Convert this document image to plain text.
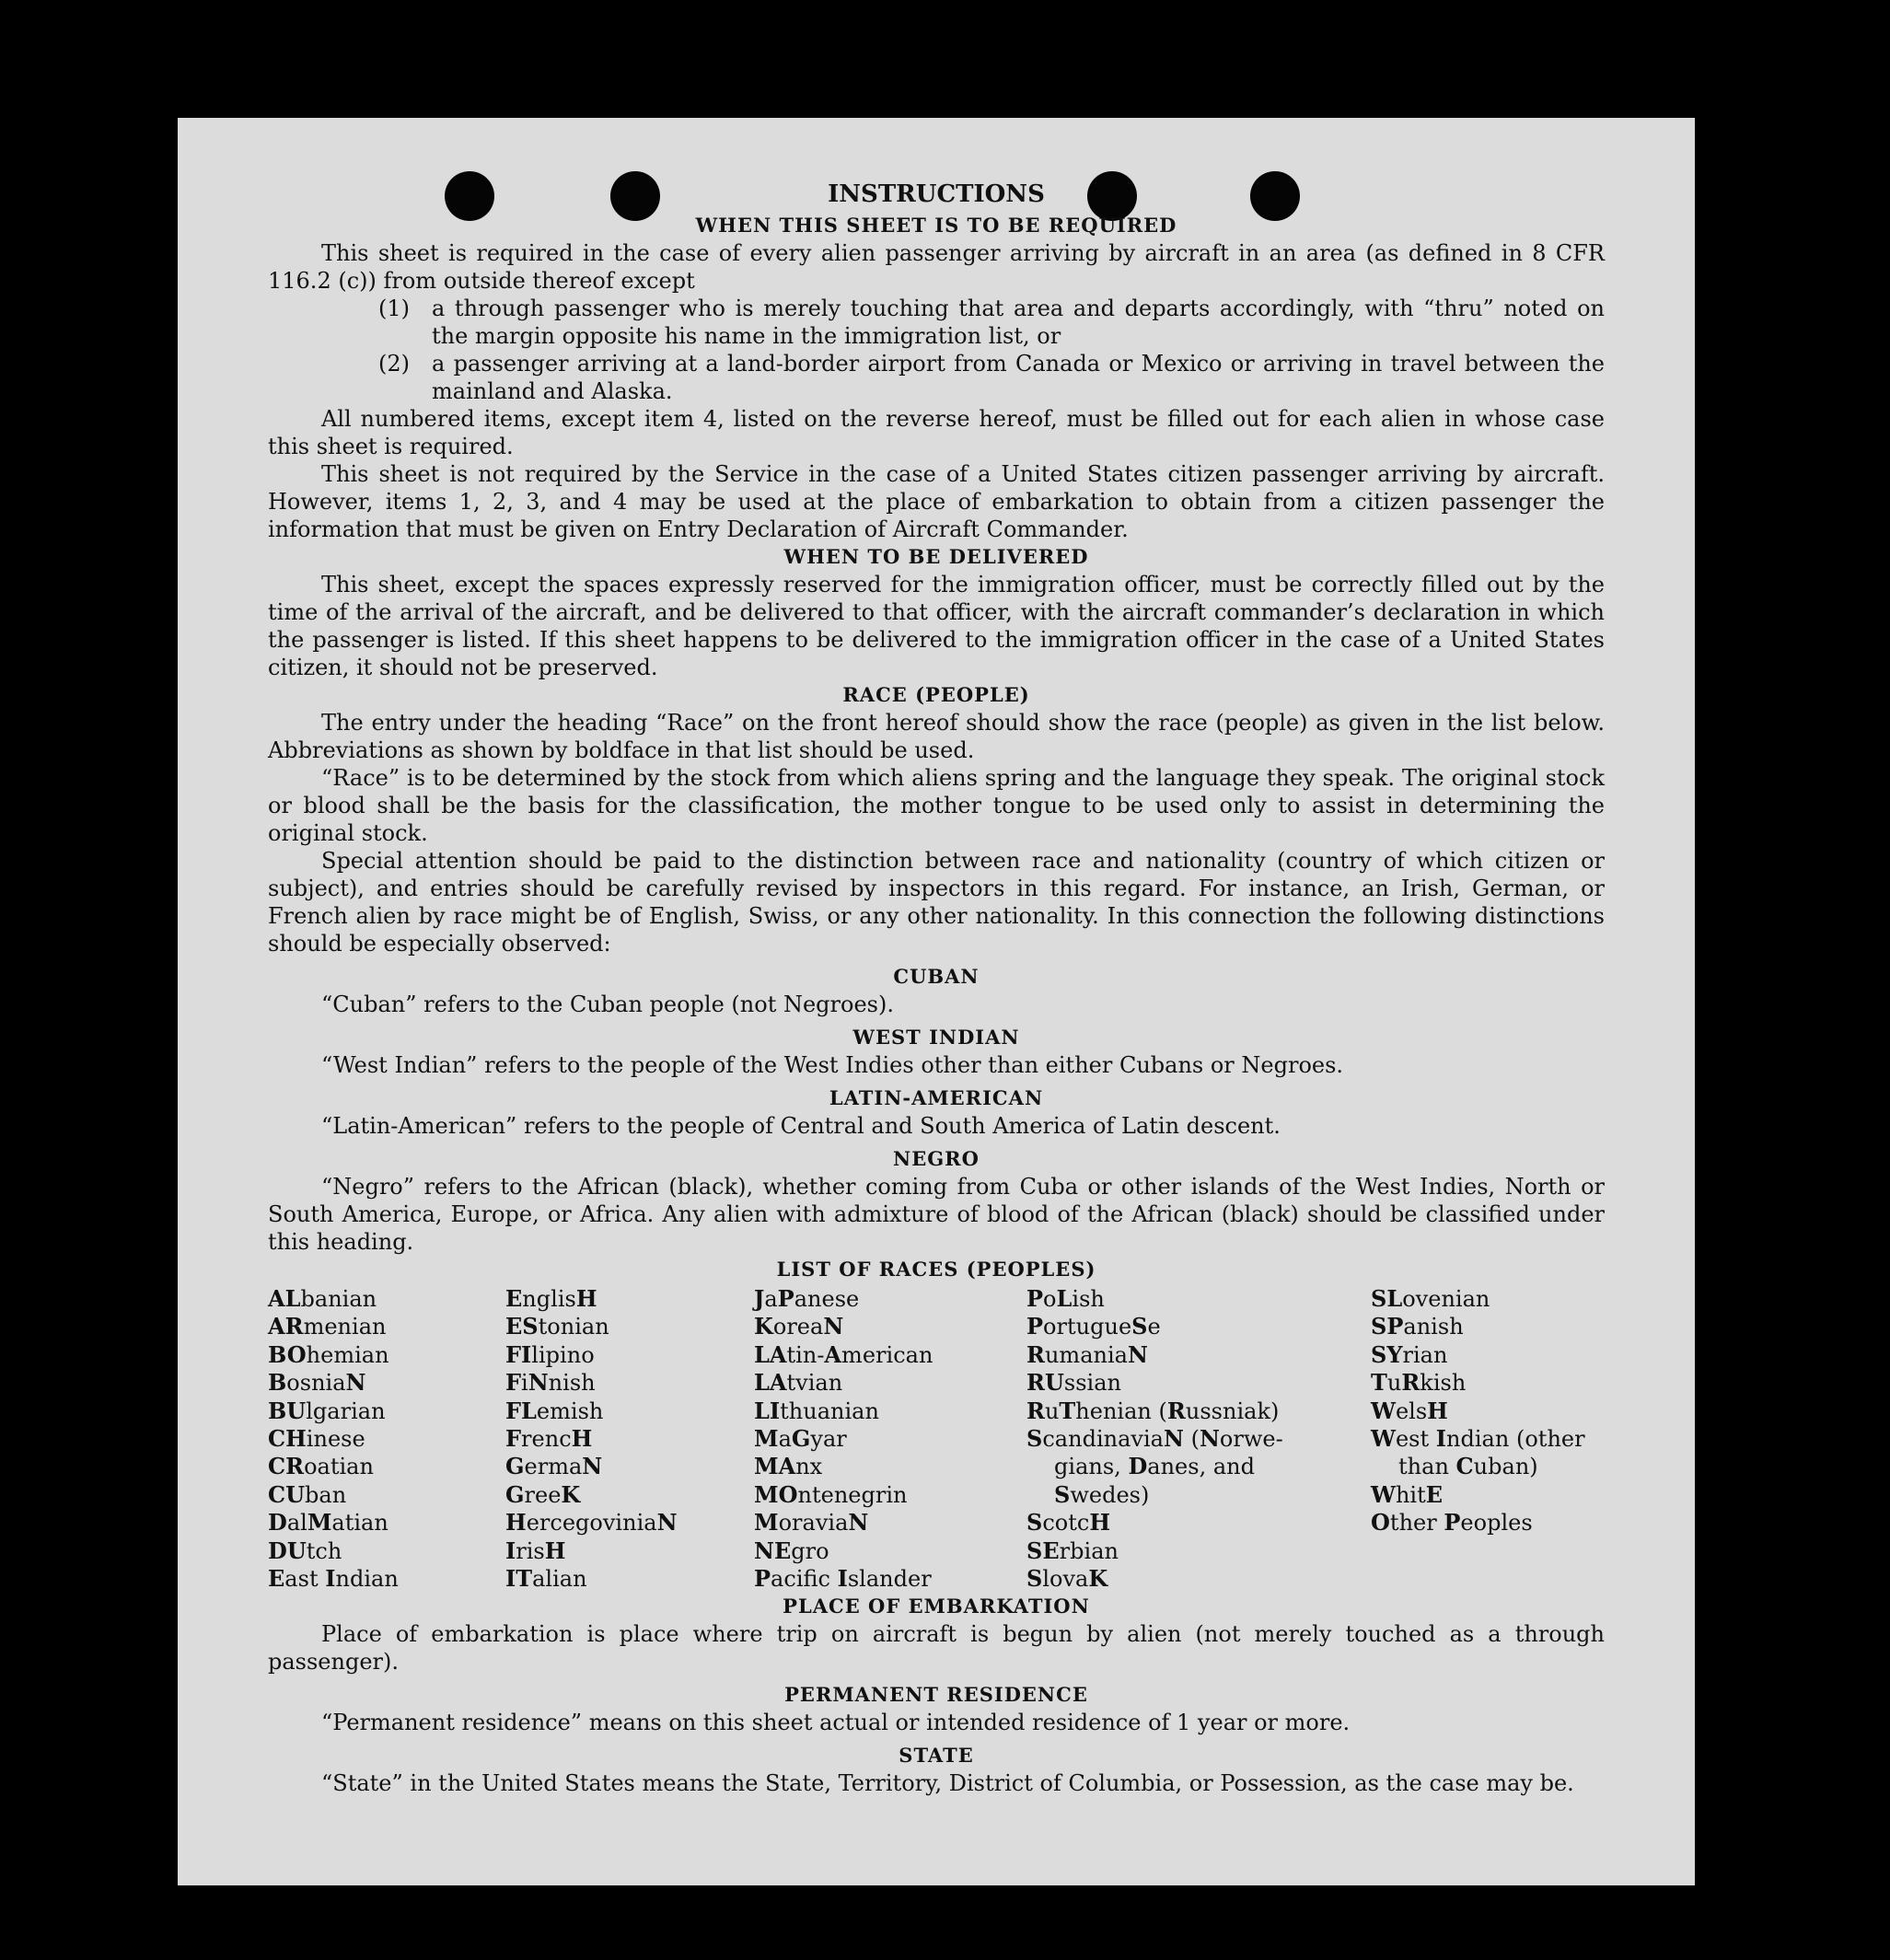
INSTRUCTIONS
WHEN THIS SHEET IS TO BE REQUIRED

This sheet is required in the case of every alien passenger arriving by aircraft in an area (as defined in 8 CFR 116.2 (c)) from outside thereof except

(1)	a through passenger who is merely touching that area and departs accordingly, with “thru” noted on the margin opposite his name in the immigration list, or
(2)	a passenger arriving at a land-border airport from Canada or Mexico or arriving in travel between the mainland and Alaska.

All numbered items, except item 4, listed on the reverse hereof, must be filled out for each alien in whose case this sheet is required.

This sheet is not required by the Service in the case of a United States citizen passenger arriving by aircraft. However, items 1, 2, 3, and 4 may be used at the place of embarkation to obtain from a citizen passenger the information that must be given on Entry Declaration of Aircraft Commander.

WHEN TO BE DELIVERED

This sheet, except the spaces expressly reserved for the immigration officer, must be correctly filled out by the time of the arrival of the aircraft, and be delivered to that officer, with the aircraft commander’s declaration in which the passenger is listed. If this sheet happens to be delivered to the immigration officer in the case of a United States citizen, it should not be preserved.

RACE (PEOPLE)

The entry under the heading “Race” on the front hereof should show the race (people) as given in the list below. Abbreviations as shown by boldface in that list should be used.

“Race” is to be determined by the stock from which aliens spring and the language they speak. The original stock or blood shall be the basis for the classification, the mother tongue to be used only to assist in determining the original stock.

Special attention should be paid to the distinction between race and nationality (country of which citizen or subject), and entries should be carefully revised by inspectors in this regard. For instance, an Irish, German, or French alien by race might be of English, Swiss, or any other nationality. In this connection the following distinctions should be especially observed:

CUBAN

“Cuban” refers to the Cuban people (not Negroes).

WEST INDIAN

“West Indian” refers to the people of the West Indies other than either Cubans or Negroes.

LATIN-AMERICAN

“Latin-American” refers to the people of Central and South America of Latin descent.

NEGRO

“Negro” refers to the African (black), whether coming from Cuba or other islands of the West Indies, North or South America, Europe, or Africa. Any alien with admixture of blood of the African (black) should be classified under this heading.

LIST OF RACES (PEOPLES)
ALbanian
ARmenian
BOhemian
BosniaN
BUlgarian
CHinese
CRoatian
CUban
DalMatian
DUtch
East Indian
EnglisH
EStonian
FIlipino
FiNnish
FLemish
FrencH
GermaN
GreeK
HercegoviniaN
IrisH
ITalian
JaPanese
KoreaN
LAtin-American
LAtvian
LIthuanian
MaGyar
MAnx
MOntenegrin
MoraviaN
NEgro
Pacifc Islander
PoLish
PortugueSe
RumaniaN
RUssian
RuThenian (Russniak)
ScandinaviaN (Norwe-
gians, Danes, and
Swedes)
ScotcH
SErbian
SlovaK
SLovenian
SPanish
SYrian
TuRkish
WelsH
West Indian (other
than Cuban)
WhitE
Other Peoples
PLACE OF EMBARKATION

Place of embarkation is place where trip on aircraft is begun by alien (not merely touched as a through passenger).

PERMANENT RESIDENCE

“Permanent residence” means on this sheet actual or intended residence of 1 year or more.

STATE

“State” in the United States means the State, Territory, District of Columbia, or Possession, as the case may be.
